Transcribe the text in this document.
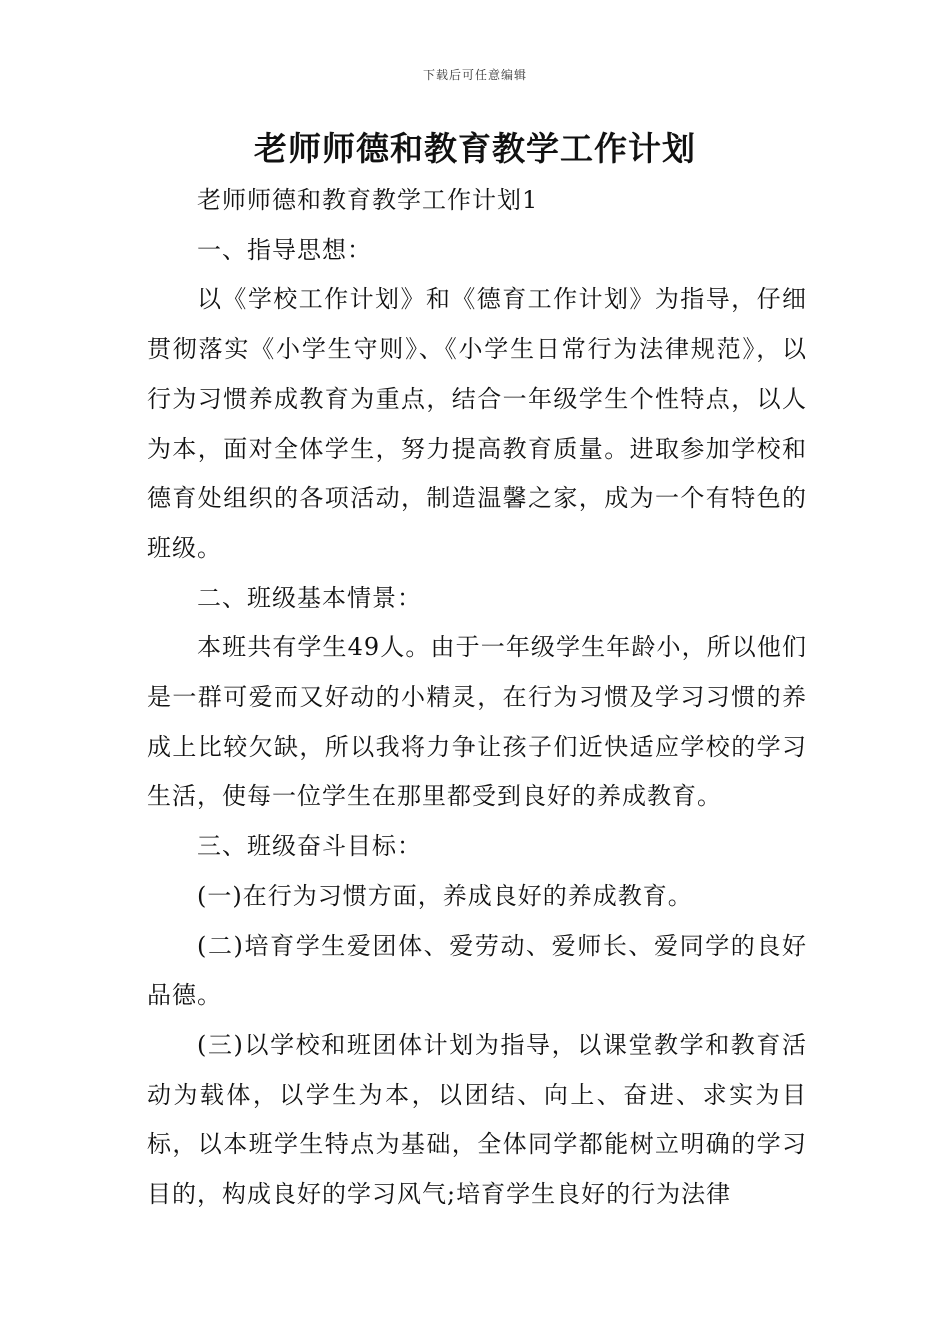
下载后可任意编辑
老师师德和教育教学工作计划

老师师德和教育教学工作计划1

一、指导思想：

以《学校工作计划》和《德育工作计划》为指导，仔细贯彻落实《小学生守则》、《小学生日常行为法律规范》，以行为习惯养成教育为重点，结合一年级学生个性特点，以人为本，面对全体学生，努力提高教育质量。进取参加学校和德育处组织的各项活动，制造温馨之家，成为一个有特色的班级。

二、班级基本情景：

本班共有学生49人。由于一年级学生年龄小，所以他们是一群可爱而又好动的小精灵，在行为习惯及学习习惯的养成上比较欠缺，所以我将力争让孩子们近快适应学校的学习生活，使每一位学生在那里都受到良好的养成教育。

三、班级奋斗目标：

(一)在行为习惯方面，养成良好的养成教育。

(二)培育学生爱团体、爱劳动、爱师长、爱同学的良好品德。

(三)以学校和班团体计划为指导，以课堂教学和教育活动为载体，以学生为本，以团结、向上、奋进、求实为目标，以本班学生特点为基础，全体同学都能树立明确的学习目的，构成良好的学习风气;培育学生良好的行为法律
